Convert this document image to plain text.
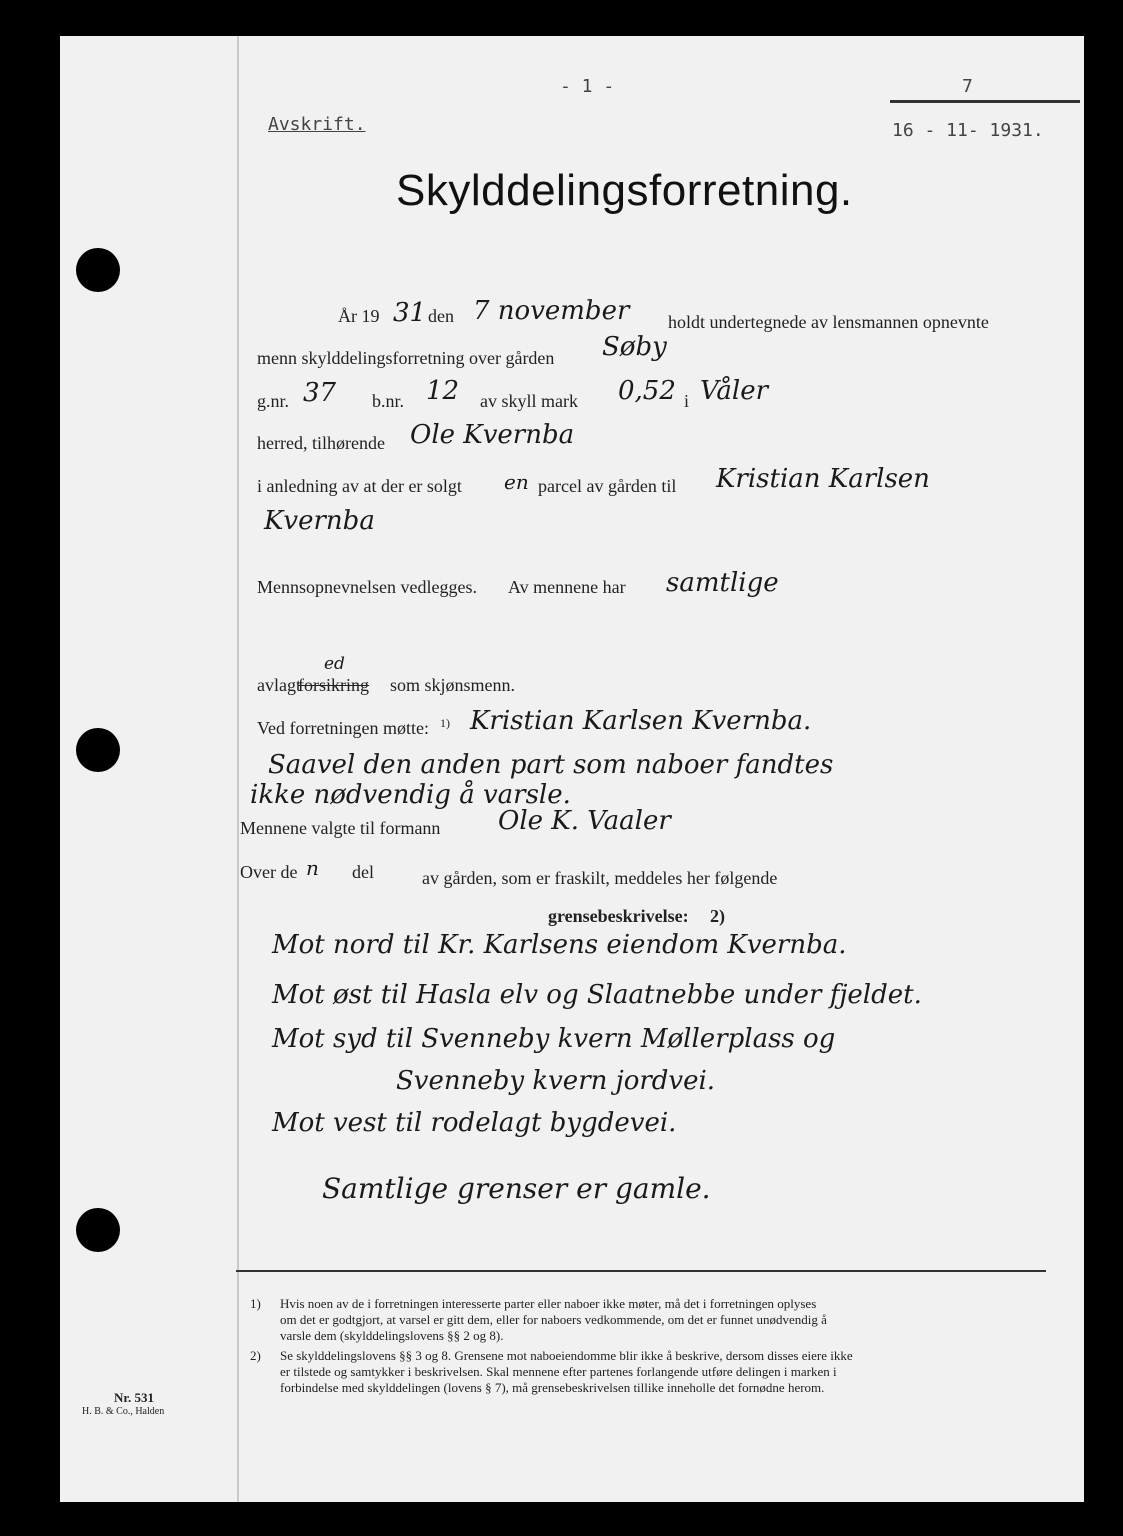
- 1 -	7
Avskrift.	16 - 11- 1931.
Skylddelingsforretning.
År 19 31 den 7 november holdt undertegnede av lensmannen opnevnte
menn skylddelingsforretning over gården Søby
g.nr. 37 b.nr. 12 av skyll mark 0,52 i Våler
herred, tilhørende Ole Kvernba
i anledning av at der er solgt en parcel av gården til Kristian Karlsen
Kvernba
Mennsopnevnelsen vedlegges. Av mennene har samtlige
avlagt
forsikring
ed
som skjønsmenn.
Ved forretningen møtte: 1) Kristian Karlsen Kvernba.
Saavel den anden part som naboer fandtes
ikke nødvendig å varsle.
Mennene valgte til formann Ole K. Vaaler
Over de n del	av gården, som er fraskilt, meddeles her følgende
grensebeskrivelse: 2)
Mot nord til Kr. Karlsens eiendom Kvernba.
Mot øst til Hasla elv og Slaatnebbe under fjeldet.
Mot syd til Svenneby kvern Møllerplass og
Svenneby kvern jordvei.
Mot vest til rodelagt bygdevei.
Samtlige grenser er gamle.
1) Hvis noen av de i forretningen interesserte parter eller naboer ikke møter, må det i forretningen oplyses
om det er godtgjort, at varsel er gitt dem, eller for naboers vedkommende, om det er funnet unødvendig å
varsle dem (skylddelingslovens §§ 2 og 8).
2) Se skylddelingslovens §§ 3 og 8. Grensene mot naboeiendomme blir ikke å beskrive, dersom disses eiere ikke
er tilstede og samtykker i beskrivelsen. Skal mennene efter partenes forlangende utføre delingen i marken i
forbindelse med skylddelingen (lovens § 7), må grensebeskrivelsen tillike inneholle det fornødne herom.
Nr. 531
H. B. & Co., Halden
